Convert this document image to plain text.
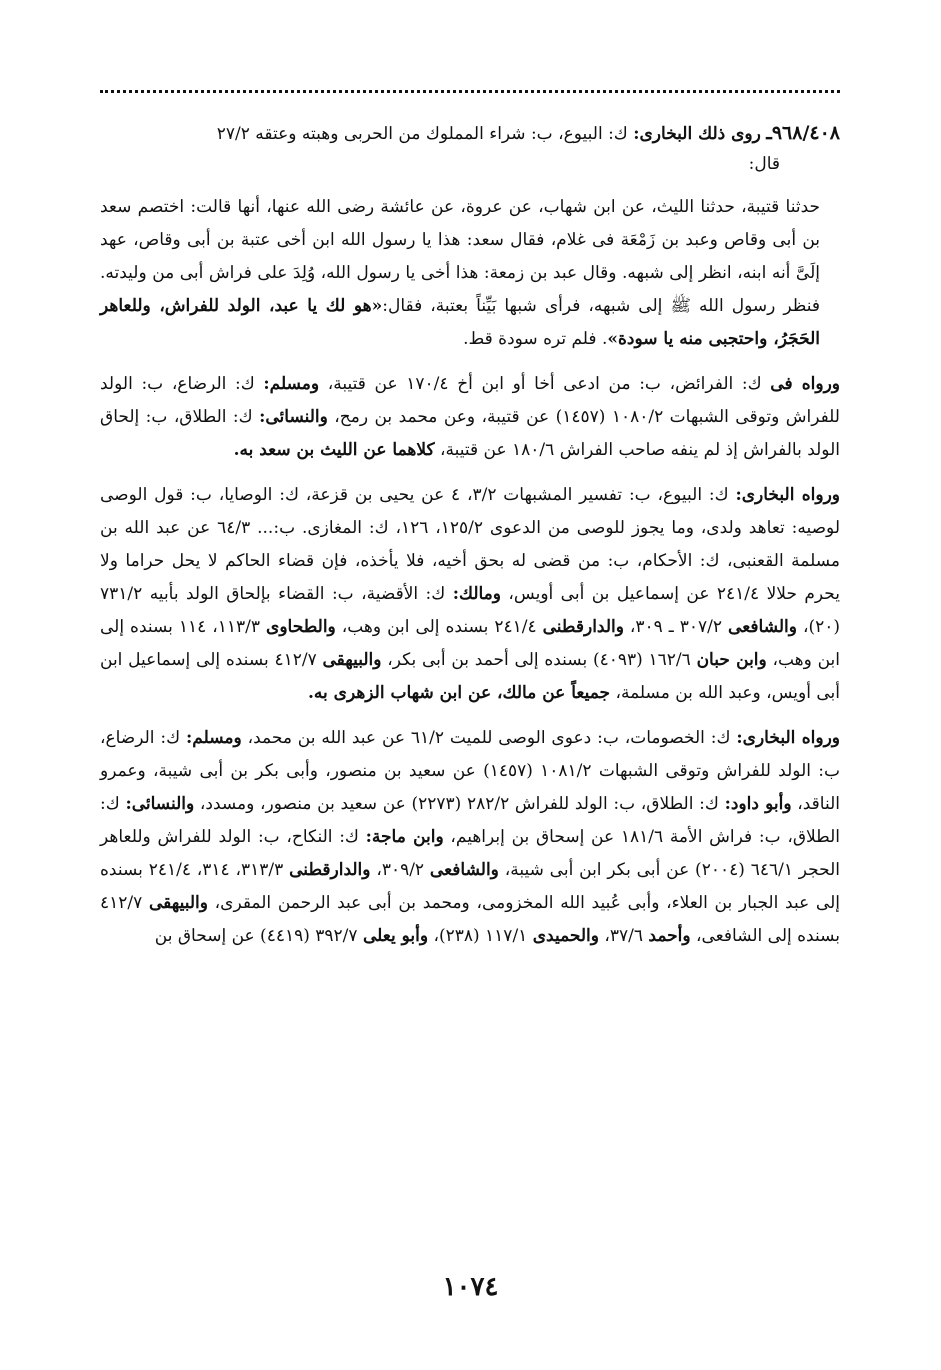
٩٦٨/٤٠٨ـ روى ذلك البخارى: ك: البيوع، ب: شراء المملوك من الحربى وهبته وعتقه ٢٧/٢
قال:

حدثنا قتيبة، حدثنا الليث، عن ابن شهاب، عن عروة، عن عائشة رضى الله عنها، أنها قالت: اختصم سعد بن أبى وقاص وعبد بن زَمْعَة فى غلام، فقال سعد: هذا يا رسول الله ابن أخى عتبة بن أبى وقاص، عهد إلَىَّ أنه ابنه، انظر إلى شبهه. وقال عبد بن زمعة: هذا أخى يا رسول الله، وُلِدَ على فراش أبى من وليدته. فنظر رسول الله ﷺ إلى شبهه، فرأى شبها بَيِّناً بعتبة، فقال:«هو لك يا عبد، الولد للفراش، وللعاهر الحَجَرُ، واحتجبى منه يا سودة». فلم تره سودة قط.

ورواه فى ك: الفرائض، ب: من ادعى أخا أو ابن أخ ١٧٠/٤ عن قتيبة، ومسلم: ك: الرضاع، ب: الولد للفراش وتوقى الشبهات ١٠٨٠/٢ (١٤٥٧) عن قتيبة، وعن محمد بن رمح، والنسائى: ك: الطلاق، ب: إلحاق الولد بالفراش إذ لم ينفه صاحب الفراش ١٨٠/٦ عن قتيبة، كلاهما عن الليث بن سعد به.

ورواه البخارى: ك: البيوع، ب: تفسير المشبهات ٣/٢، ٤ عن يحيى بن قزعة، ك: الوصايا، ب: قول الوصى لوصيه: تعاهد ولدى، وما يجوز للوصى من الدعوى ١٢٥/٢، ١٢٦، ك: المغازى. ب:... ٦٤/٣ عن عبد الله بن مسلمة القعنبى، ك: الأحكام، ب: من قضى له بحق أخيه، فلا يأخذه، فإن قضاء الحاكم لا يحل حراما ولا يحرم حلالا ٢٤١/٤ عن إسماعيل بن أبى أويس، ومالك: ك: الأقضية، ب: القضاء بإلحاق الولد بأبيه ٧٣١/٢ (٢٠)، والشافعى ٣٠٧/٢ ـ ٣٠٩، والدارقطنى ٢٤١/٤ بسنده إلى ابن وهب، والطحاوى ١١٣/٣، ١١٤ بسنده إلى ابن وهب، وابن حبان ١٦٢/٦ (٤٠٩٣) بسنده إلى أحمد بن أبى بكر، والبيهقى ٤١٢/٧ بسنده إلى إسماعيل ابن أبى أويس، وعبد الله بن مسلمة، جميعاً عن مالك، عن ابن شهاب الزهرى به.

ورواه البخارى: ك: الخصومات، ب: دعوى الوصى للميت ٦١/٢ عن عبد الله بن محمد، ومسلم: ك: الرضاع، ب: الولد للفراش وتوقى الشبهات ١٠٨١/٢ (١٤٥٧) عن سعيد بن منصور، وأبى بكر بن أبى شيبة، وعمرو الناقد، وأبو داود: ك: الطلاق، ب: الولد للفراش ٢٨٢/٢ (٢٢٧٣) عن سعيد بن منصور، ومسدد، والنسائى: ك: الطلاق، ب: فراش الأمة ١٨١/٦ عن إسحاق بن إبراهيم، وابن ماجة: ك: النكاح، ب: الولد للفراش وللعاهر الحجر ٦٤٦/١ (٢٠٠٤) عن أبى بكر ابن أبى شيبة، والشافعى ٣٠٩/٢، والدارقطنى ٣١٣/٣، ٣١٤، ٢٤١/٤ بسنده إلى عبد الجبار بن العلاء، وأبى عُبيد الله المخزومى، ومحمد بن أبى عبد الرحمن المقرى، والبيهقى ٤١٢/٧ بسنده إلى الشافعى، وأحمد ٣٧/٦، والحميدى ١١٧/١ (٢٣٨)، وأبو يعلى ٣٩٢/٧ (٤٤١٩) عن إسحاق بن

١٠٧٤
